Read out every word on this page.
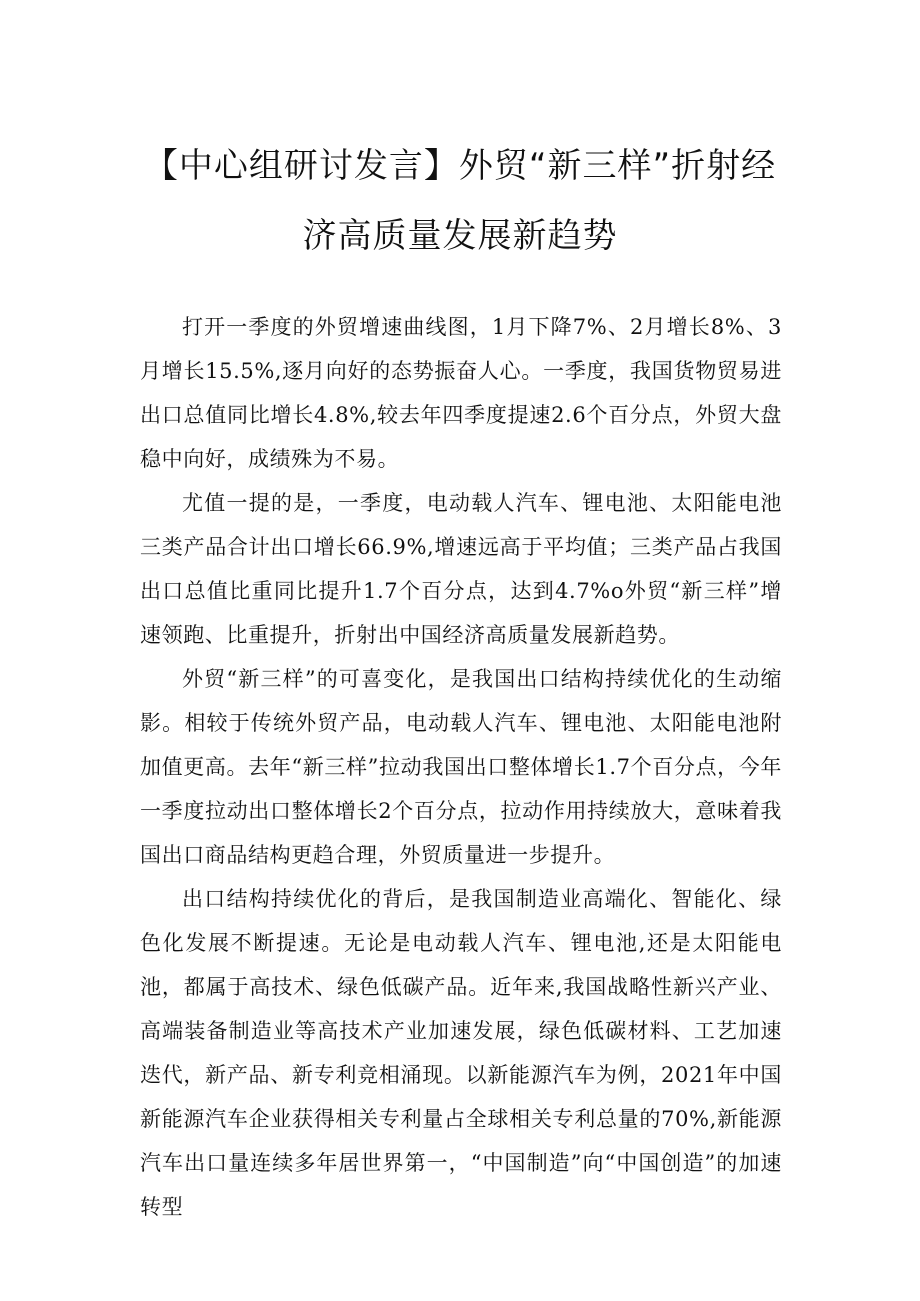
【中心组研讨发言】外贸“新三样”折射经
济高质量发展新趋势

打开一季度的外贸增速曲线图，1月下降7%、2月增长8%、3月增长15.5%,逐月向好的态势振奋人心。一季度，我国货物贸易进出口总值同比增长4.8%,较去年四季度提速2.6个百分点，外贸大盘稳中向好，成绩殊为不易。

尤值一提的是，一季度，电动载人汽车、锂电池、太阳能电池三类产品合计出口增长66.9%,增速远高于平均值；三类产品占我国出口总值比重同比提升1.7个百分点，达到4.7%o外贸“新三样”增速领跑、比重提升，折射出中国经济高质量发展新趋势。

外贸“新三样”的可喜变化，是我国出口结构持续优化的生动缩影。相较于传统外贸产品，电动载人汽车、锂电池、太阳能电池附加值更高。去年“新三样”拉动我国出口整体增长1.7个百分点，今年一季度拉动出口整体增长2个百分点，拉动作用持续放大，意味着我国出口商品结构更趋合理，外贸质量进一步提升。

出口结构持续优化的背后，是我国制造业高端化、智能化、绿色化发展不断提速。无论是电动载人汽车、锂电池,还是太阳能电池，都属于高技术、绿色低碳产品。近年来,我国战略性新兴产业、高端装备制造业等高技术产业加速发展，绿色低碳材料、工艺加速迭代，新产品、新专利竞相涌现。以新能源汽车为例，2021年中国新能源汽车企业获得相关专利量占全球相关专利总量的70%,新能源汽车出口量连续多年居世界第一，“中国制造”向“中国创造”的加速转型
